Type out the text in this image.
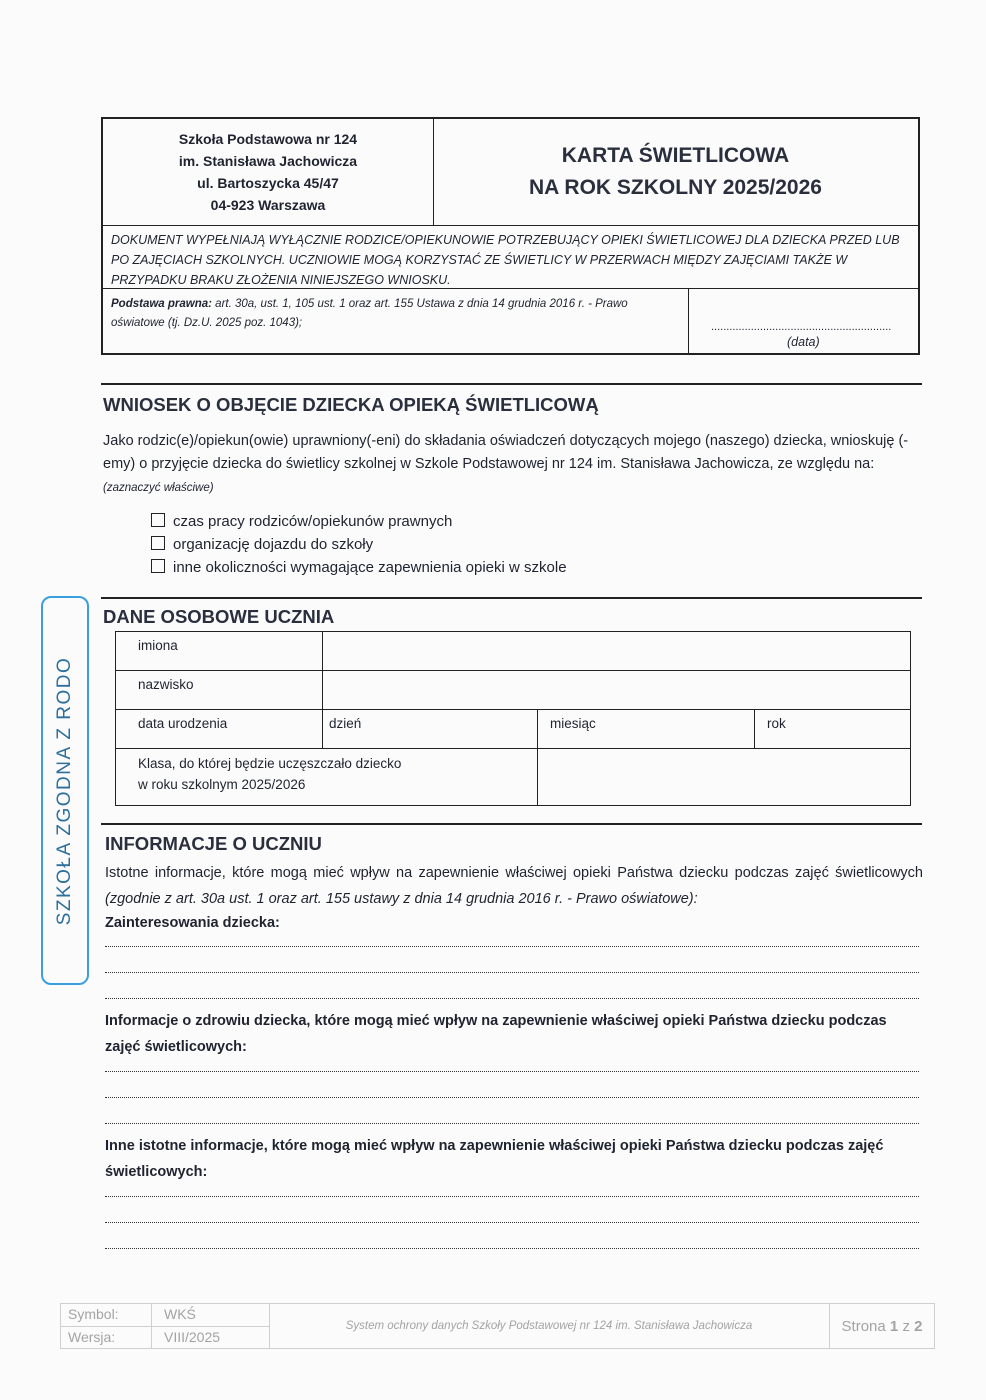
Szkoła Podstawowa nr 124
im. Stanisława Jachowicza
ul. Bartoszycka 45/47
04-923 Warszawa
KARTA ŚWIETLICOWA
NA ROK SZKOLNY 2025/2026
DOKUMENT WYPEŁNIAJĄ WYŁĄCZNIE RODZICE/OPIEKUNOWIE POTRZEBUJĄCY OPIEKI ŚWIETLICOWEJ DLA DZIECKA PRZED LUB PO ZAJĘCIACH SZKOLNYCH. UCZNIOWIE MOGĄ KORZYSTAĆ ZE ŚWIETLICY W PRZERWACH MIĘDZY ZAJĘCIAMI TAKŻE W PRZYPADKU BRAKU ZŁOŻENIA NINIEJSZEGO WNIOSKU.
Podstawa prawna: art. 30a, ust. 1, 105 ust. 1 oraz art. 155 Ustawa z dnia 14 grudnia 2016 r. - Prawo oświatowe (tj. Dz.U. 2025 poz. 1043);	...........................................................
(data)
WNIOSEK O OBJĘCIE DZIECKA OPIEKĄ ŚWIETLICOWĄ
Jako rodzic(e)/opiekun(owie) uprawniony(-eni) do składania oświadczeń dotyczących mojego (naszego) dziecka, wnioskuję (-emy) o przyjęcie dziecka do świetlicy szkolnej w Szkole Podstawowej nr 124 im. Stanisława Jachowicza, ze względu na: (zaznaczyć właściwe)
czas pracy rodziców/opiekunów prawnych
organizację dojazdu do szkoły
inne okoliczności wymagające zapewnienia opieki w szkole
DANE OSOBOWE UCZNIA
imiona			
nazwisko			
data urodzenia	dzień	miesiąc	rok

Klasa, do której będzie uczęszczało dziecko
w roku szkolnym 2025/2026			

INFORMACJE O UCZNIU
Istotne informacje, które mogą mieć wpływ na zapewnienie właściwej opieki Państwa dziecku podczas zajęć świetlicowych (zgodnie z art. 30a ust. 1 oraz art. 155 ustawy z dnia 14 grudnia 2016 r. - Prawo oświatowe):
Zainteresowania dziecka:
Informacje o zdrowiu dziecka, które mogą mieć wpływ na zapewnienie właściwej opieki Państwa dziecku podczas zajęć świetlicowych:
Inne istotne informacje, które mogą mieć wpływ na zapewnienie właściwej opieki Państwa dziecku podczas zajęć świetlicowych:
SZKOŁA ZGODNA Z RODO
Symbol:	WKŚ
Wersja:	VIII/2025
System ochrony danych Szkoły Podstawowej nr 124 im. Stanisława Jachowicza	Strona
1
z
2
